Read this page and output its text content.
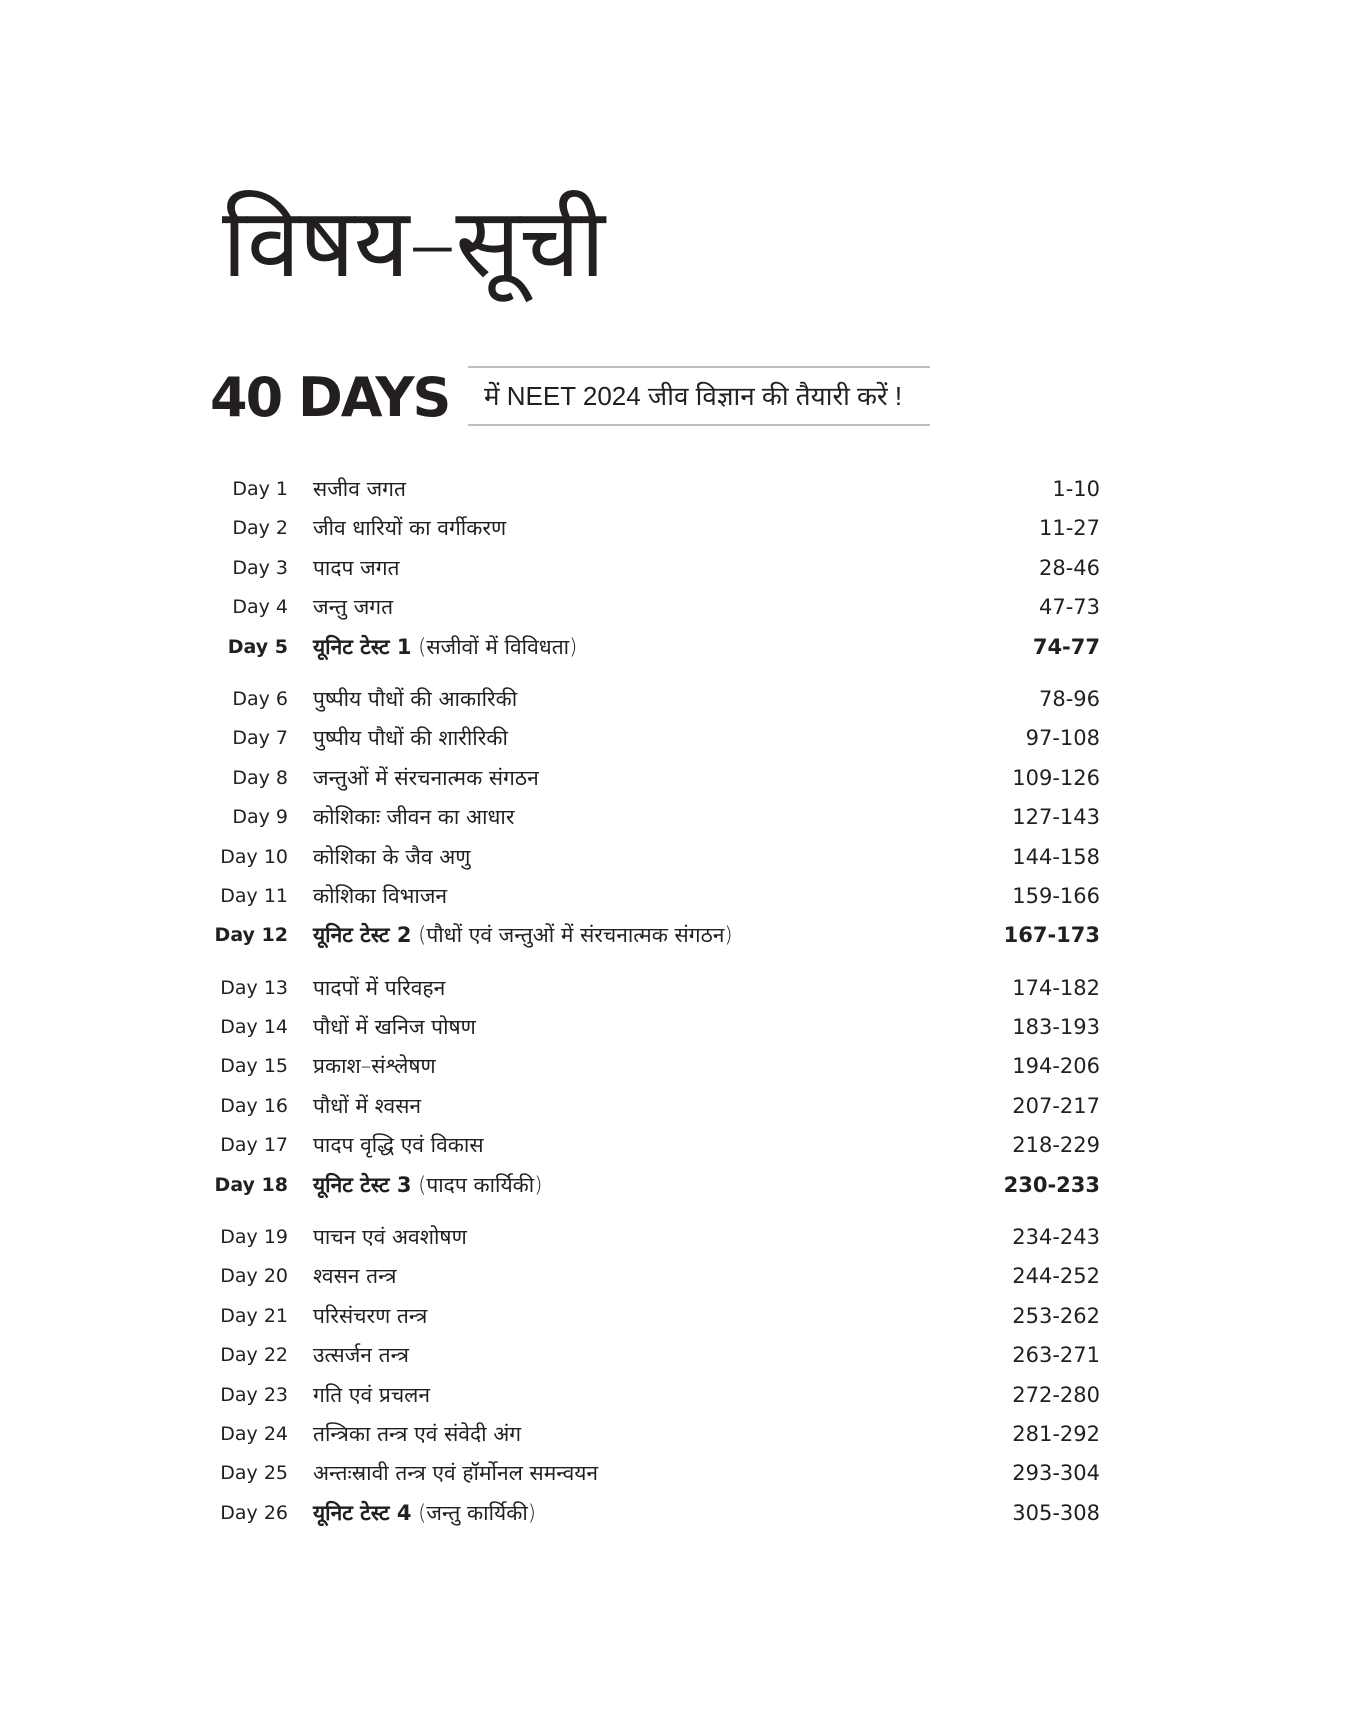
विषय–सूची
40 DAYS में NEET 2024 जीव विज्ञान की तैयारी करें !
Day 1 सजीव जगत	1-10
Day 2 जीव धारियों का वर्गीकरण	11-27
Day 3 पादप जगत	28-46
Day 4 जन्तु जगत	47-73
Day 5 यूनिट टेस्ट 1 (सजीवों में विविधता)	74-77
Day 6 पुष्पीय पौधों की आकारिकी	78-96
Day 7 पुष्पीय पौधों की शारीरिकी	97-108
Day 8 जन्तुओं में संरचनात्मक संगठन	109-126
Day 9 कोशिकाः जीवन का आधार	127-143
Day 10 कोशिका के जैव अणु	144-158
Day 11 कोशिका विभाजन	159-166
Day 12 यूनिट टेस्ट 2 (पौधों एवं जन्तुओं में संरचनात्मक संगठन)	167-173
Day 13 पादपों में परिवहन	174-182
Day 14 पौधों में खनिज पोषण	183-193
Day 15 प्रकाश–संश्लेषण	194-206
Day 16 पौधों में श्वसन	207-217
Day 17 पादप वृद्धि एवं विकास	218-229
Day 18 यूनिट टेस्ट 3 (पादप कार्यिकी)	230-233
Day 19 पाचन एवं अवशोषण	234-243
Day 20 श्वसन तन्त्र	244-252
Day 21 परिसंचरण तन्त्र	253-262
Day 22 उत्सर्जन तन्त्र	263-271
Day 23 गति एवं प्रचलन	272-280
Day 24 तन्त्रिका तन्त्र एवं संवेदी अंग	281-292
Day 25 अन्तःस्रावी तन्त्र एवं हॉर्मोनल समन्वयन	293-304
Day 26 यूनिट टेस्ट 4 (जन्तु कार्यिकी)	305-308
